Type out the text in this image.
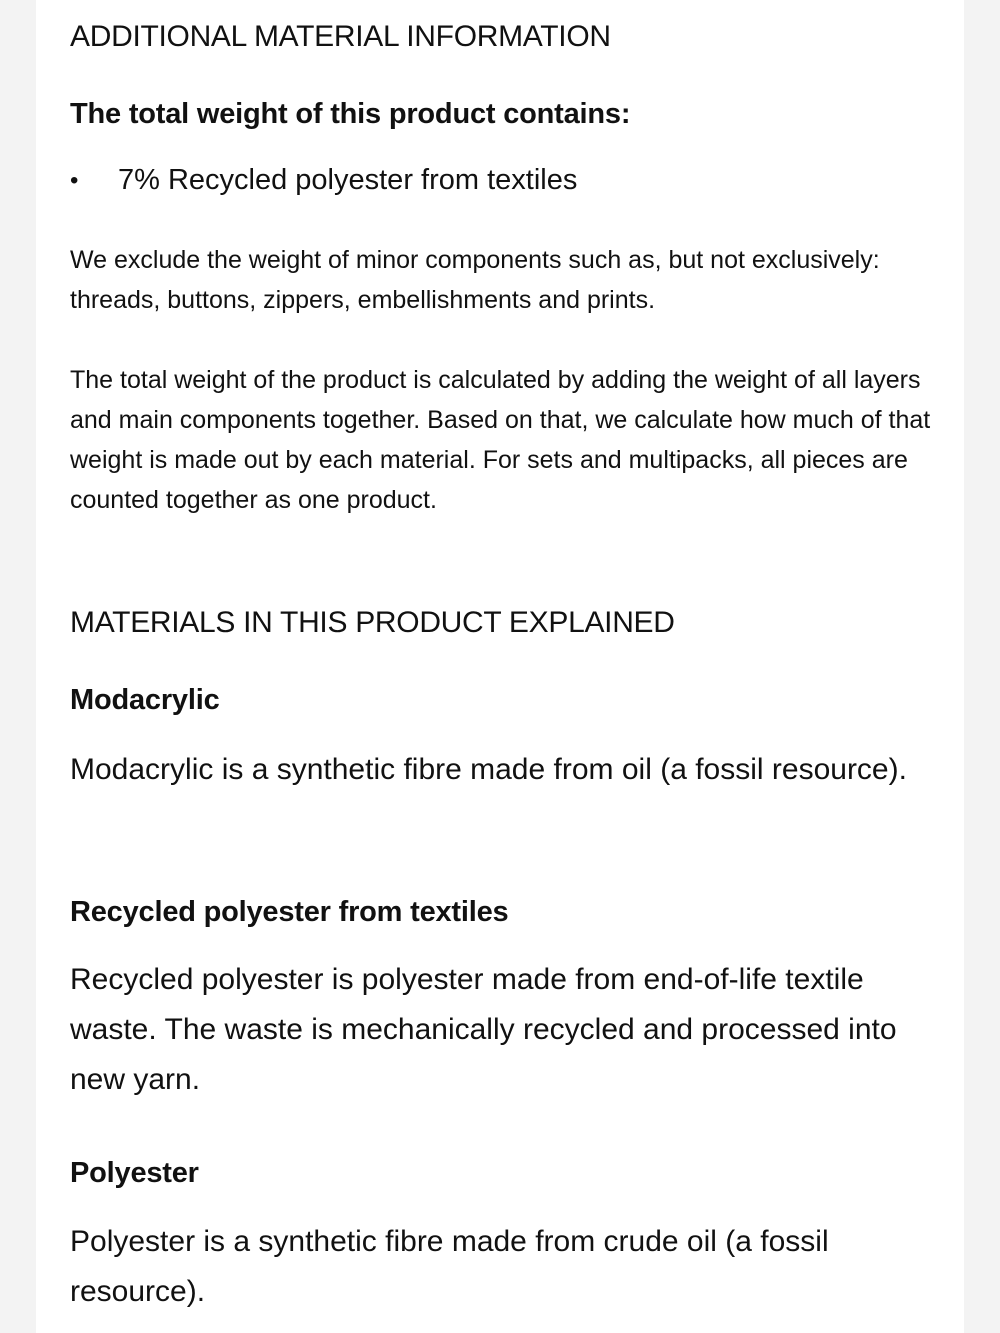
ADDITIONAL MATERIAL INFORMATION
The total weight of this product contains:
•	7% Recycled polyester from textiles

We exclude the weight of minor components such as, but not exclusively: threads, buttons, zippers, embellishments and prints.

The total weight of the product is calculated by adding the weight of all layers and main components together. Based on that, we calculate how much of that weight is made out by each material. For sets and multipacks, all pieces are counted together as one product.

MATERIALS IN THIS PRODUCT EXPLAINED
Modacrylic

Modacrylic is a synthetic fibre made from oil (a fossil resource).

Recycled polyester from textiles

Recycled polyester is polyester made from end-of-life textile waste. The waste is mechanically recycled and processed into new yarn.

Polyester

Polyester is a synthetic fibre made from crude oil (a fossil resource).
